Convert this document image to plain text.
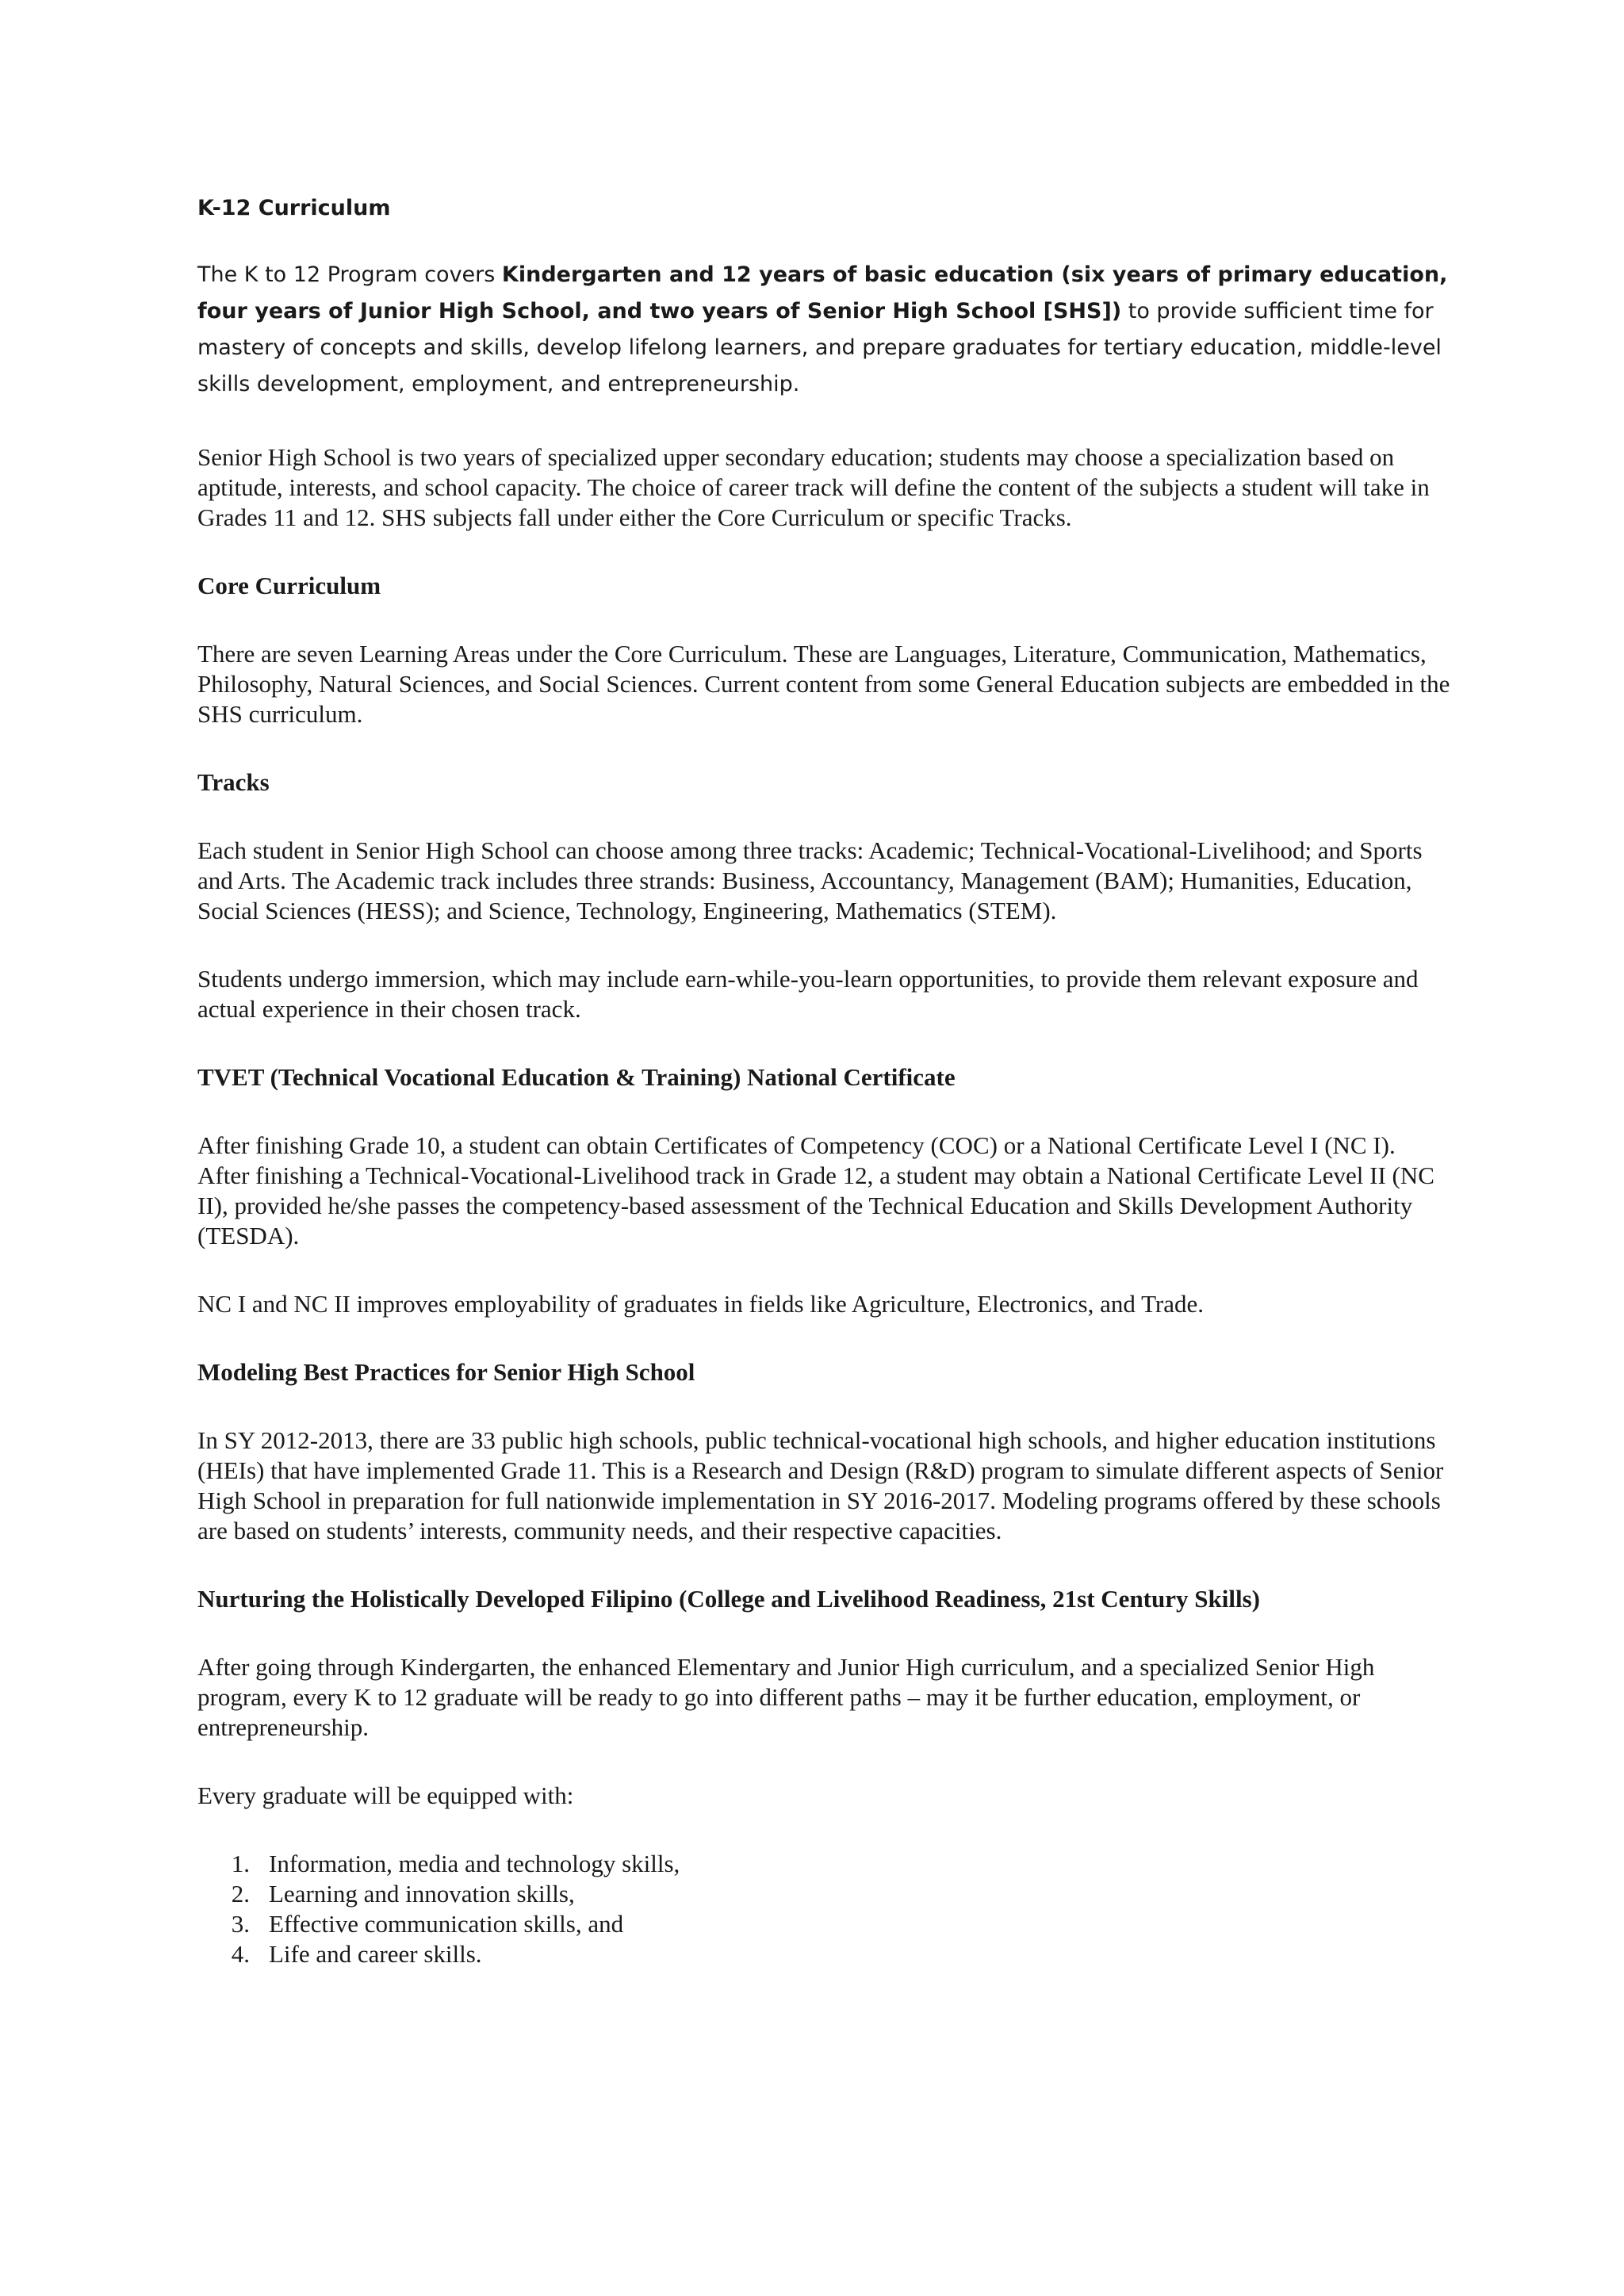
K-12 Curriculum

The K to 12 Program covers Kindergarten and 12 years of basic education (six years of primary education, four years of Junior High School, and two years of Senior High School [SHS]) to provide sufficient time for mastery of concepts and skills, develop lifelong learners, and prepare graduates for tertiary education, middle-level skills development, employment, and entrepreneurship.

Senior High School is two years of specialized upper secondary education; students may choose a specialization based on aptitude, interests, and school capacity. The choice of career track will define the content of the subjects a student will take in Grades 11 and 12. SHS subjects fall under either the Core Curriculum or specific Tracks.

Core Curriculum

There are seven Learning Areas under the Core Curriculum. These are Languages, Literature, Communication, Mathematics, Philosophy, Natural Sciences, and Social Sciences. Current content from some General Education subjects are embedded in the SHS curriculum.

Tracks

Each student in Senior High School can choose among three tracks: Academic; Technical-Vocational-Livelihood; and Sports and Arts. The Academic track includes three strands: Business, Accountancy, Management (BAM); Humanities, Education, Social Sciences (HESS); and Science, Technology, Engineering, Mathematics (STEM).

Students undergo immersion, which may include earn-while-you-learn opportunities, to provide them relevant exposure and actual experience in their chosen track.

TVET (Technical Vocational Education & Training) National Certificate

After finishing Grade 10, a student can obtain Certificates of Competency (COC) or a National Certificate Level I (NC I). After finishing a Technical-Vocational-Livelihood track in Grade 12, a student may obtain a National Certificate Level II (NC II), provided he/she passes the competency-based assessment of the Technical Education and Skills Development Authority (TESDA).

NC I and NC II improves employability of graduates in fields like Agriculture, Electronics, and Trade.

Modeling Best Practices for Senior High School

In SY 2012-2013, there are 33 public high schools, public technical-vocational high schools, and higher education institutions (HEIs) that have implemented Grade 11. This is a Research and Design (R&D) program to simulate different aspects of Senior High School in preparation for full nationwide implementation in SY 2016-2017. Modeling programs offered by these schools are based on students’ interests, community needs, and their respective capacities.

Nurturing the Holistically Developed Filipino (College and Livelihood Readiness, 21st Century Skills)

After going through Kindergarten, the enhanced Elementary and Junior High curriculum, and a specialized Senior High program, every K to 12 graduate will be ready to go into different paths – may it be further education, employment, or entrepreneurship.

Every graduate will be equipped with:

1. Information, media and technology skills,
2. Learning and innovation skills,
3. Effective communication skills, and
4. Life and career skills.
